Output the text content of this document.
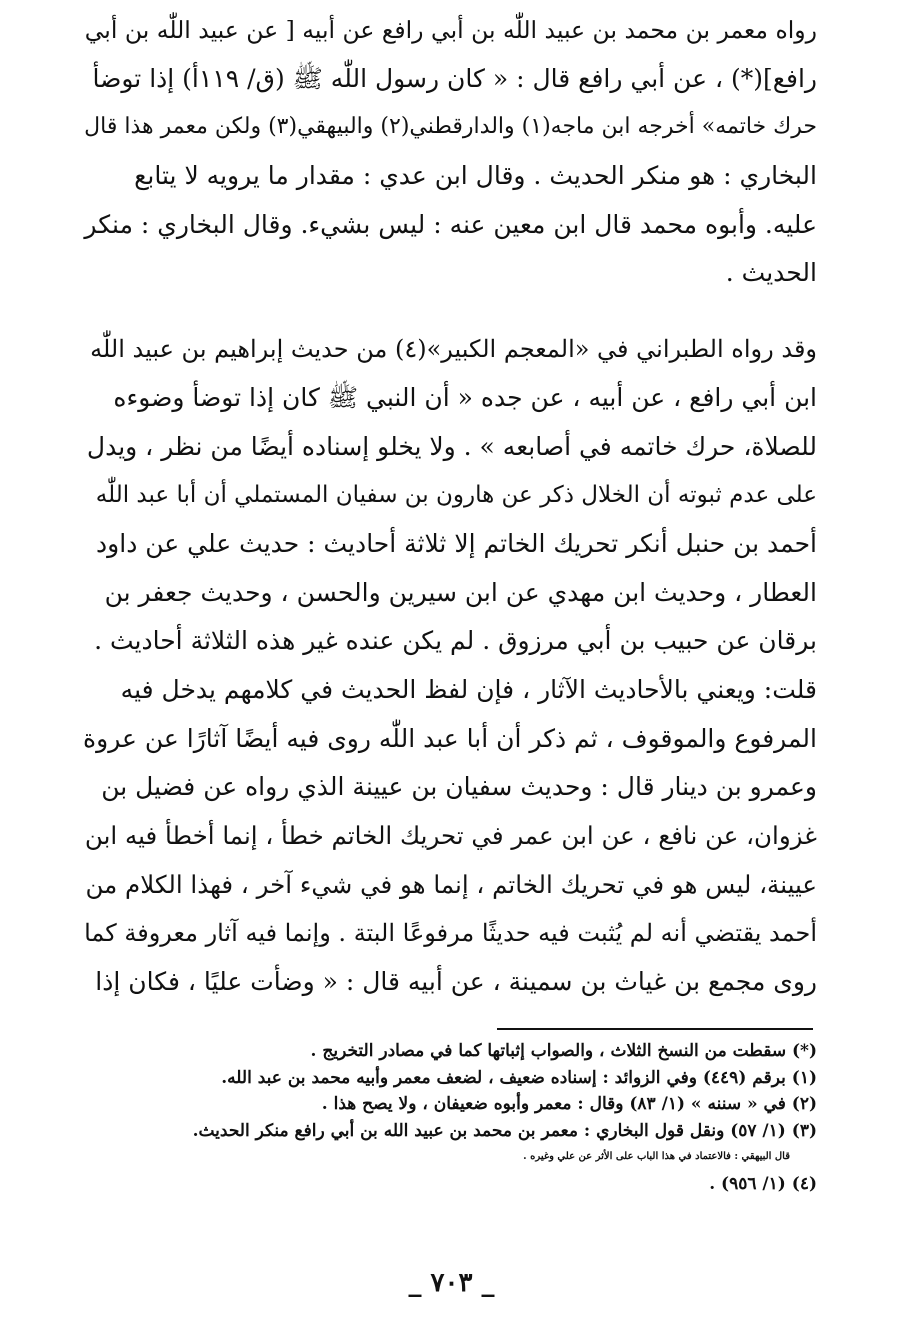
رواه معمر بن محمد بن عبيد اللّٰه بن أبي رافع عن أبيه [ عن عبيد اللّٰه بن أبي
رافع](*) ، عن أبي رافع قال : « كان رسول اللّٰه ﷺ (ق/ ١١٩أ) إذا توضأ
حرك خاتمه» أخرجه ابن ماجه(١) والدارقطني(٢) والبيهقي(٣) ولكن معمر هذا قال
البخاري : هو منكر الحديث . وقال ابن عدي : مقدار ما يرويه لا يتابع
عليه. وأبوه محمد قال ابن معين عنه : ليس بشيء. وقال البخاري : منكر
الحديث .
وقد رواه الطبراني في «المعجم الكبير»(٤) من حديث إبراهيم بن عبيد اللّٰه
ابن أبي رافع ، عن أبيه ، عن جده « أن النبي ﷺ كان إذا توضأ وضوءه
للصلاة، حرك خاتمه في أصابعه » . ولا يخلو إسناده أيضًا من نظر ، ويدل
على عدم ثبوته أن الخلال ذكر عن هارون بن سفيان المستملي أن أبا عبد اللّٰه
أحمد بن حنبل أنكر تحريك الخاتم إلا ثلاثة أحاديث : حديث علي عن داود
العطار ، وحديث ابن مهدي عن ابن سيرين والحسن ، وحديث جعفر بن
برقان عن حبيب بن أبي مرزوق . لم يكن عنده غير هذه الثلاثة أحاديث .
قلت: ويعني بالأحاديث الآثار ، فإن لفظ الحديث في كلامهم يدخل فيه
المرفوع والموقوف ، ثم ذكر أن أبا عبد اللّٰه روى فيه أيضًا آثارًا عن عروة
وعمرو بن دينار قال : وحديث سفيان بن عيينة الذي رواه عن فضيل بن
غزوان، عن نافع ، عن ابن عمر في تحريك الخاتم خطأ ، إنما أخطأ فيه ابن
عيينة، ليس هو في تحريك الخاتم ، إنما هو في شيء آخر ، فهذا الكلام من
أحمد يقتضي أنه لم يُثبت فيه حديثًا مرفوعًا البتة . وإنما فيه آثار معروفة كما
روى مجمع بن غياث بن سمينة ، عن أبيه قال : « وضأت عليًا ، فكان إذا
(*) سقطت من النسخ الثلاث ، والصواب إثباتها كما في مصادر التخريج .
(١) برقم (٤٤٩) وفي الزوائد : إسناده ضعيف ، لضعف معمر وأبيه محمد بن عبد الله.
(٢) في « سننه » (١/ ٨٣) وقال : معمر وأبوه ضعيفان ، ولا يصح هذا .
(٣) (١/ ٥٧) ونقل قول البخاري : معمر بن محمد بن عبيد الله بن أبي رافع منكر الحديث.
قال البيهقي : فالاعتماد في هذا الباب على الأثر عن علي وغيره .
(٤) (١/ ٩٥٦) .
_ ٧٠٣ _
